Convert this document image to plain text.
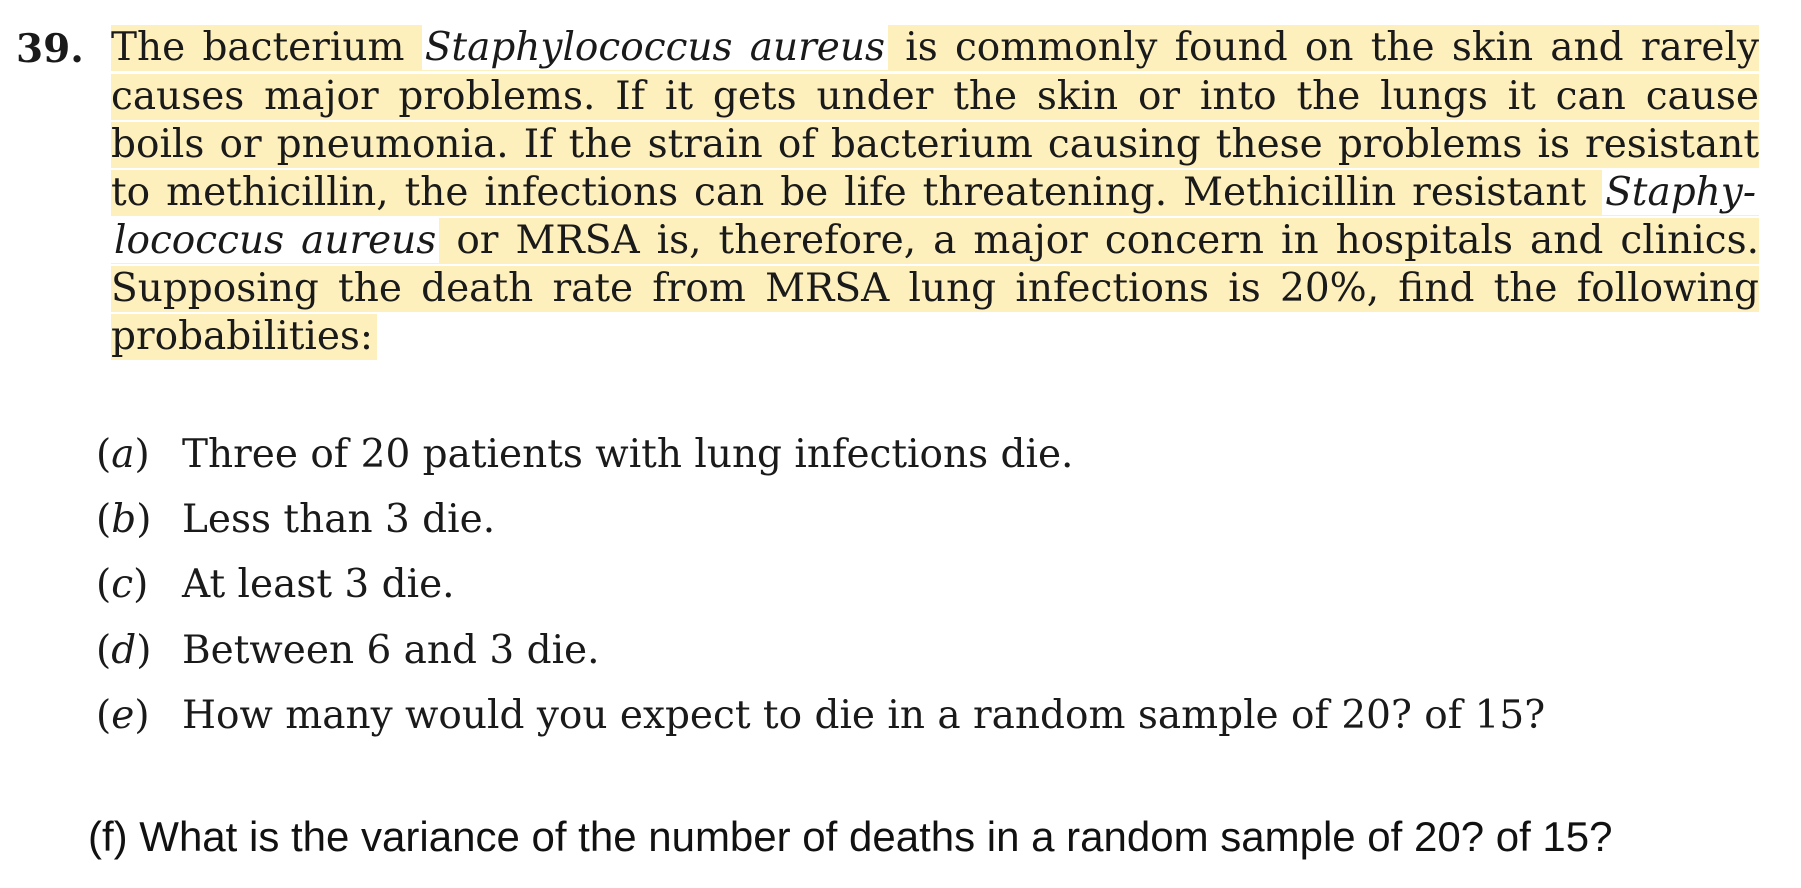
39. The bacterium Staphylococcus aureus is commonly found on the skin and rarely
causes major problems. If it gets under the skin or into the lungs it can cause
boils or pneumonia. If the strain of bacterium causing these problems is resistant
to methicillin, the infections can be life threatening. Methicillin resistant Staphy-
lococcus aureus or MRSA is, therefore, a major concern in hospitals and clinics.
Supposing the death rate from MRSA lung infections is 20%, find the following
probabilities:
(a) Three of 20 patients with lung infections die.
(b) Less than 3 die.
(c) At least 3 die.
(d) Between 6 and 3 die.
(e) How many would you expect to die in a random sample of 20? of 15?
(f) What is the variance of the number of deaths in a random sample of 20? of 15?
